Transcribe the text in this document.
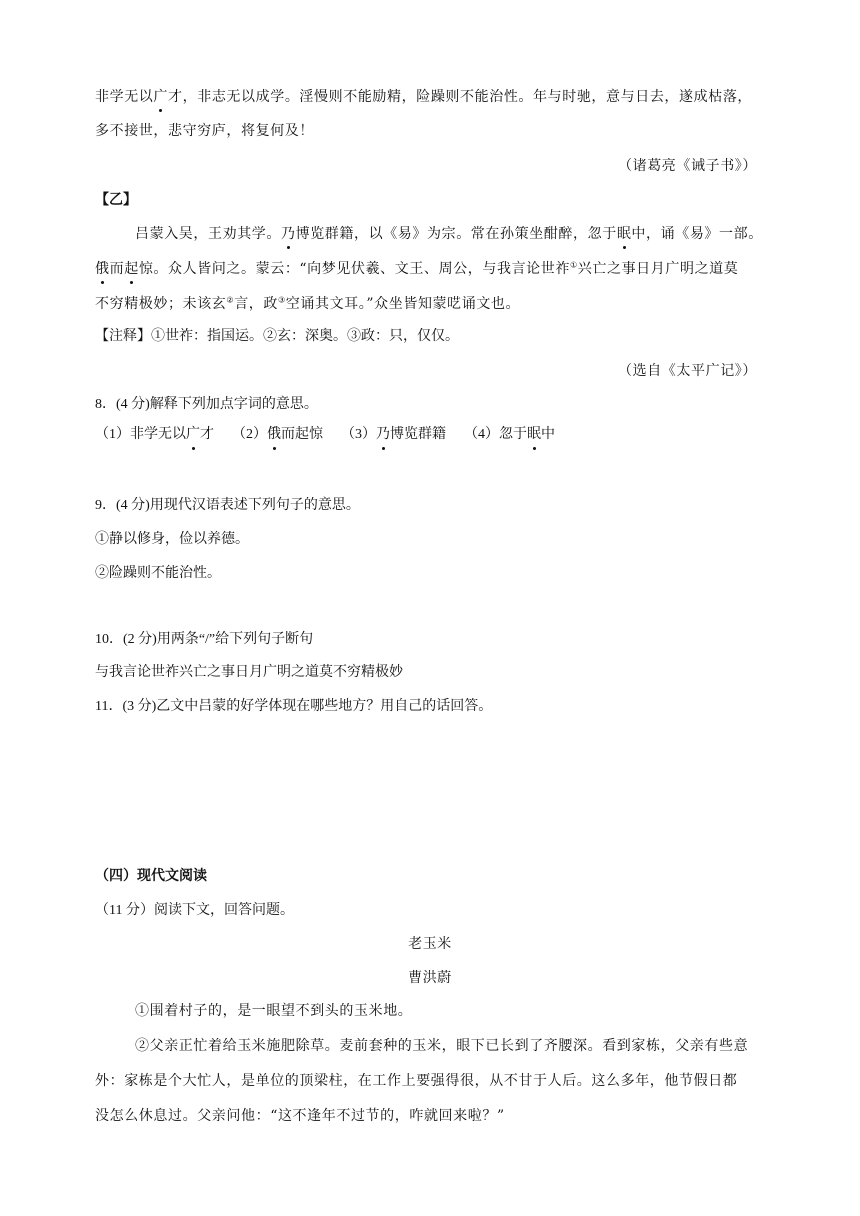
非学无以广才，非志无以成学。淫慢则不能励精，险躁则不能治性。年与时驰，意与日去，遂成枯落，
多不接世，悲守穷庐，将复何及！
（诸葛亮《诫子书》）
【乙】
吕蒙入吴，王劝其学。乃博览群籍，以《易》为宗。常在孙策坐酣醉，忽于眠中，诵《易》一部。
俄而起惊。众人皆问之。蒙云：“向梦见伏羲、文王、周公，与我言论世祚①兴亡之事日月广明之道莫
不穷精极妙；未该玄②言，政③空诵其文耳。”众坐皆知蒙呓诵文也。
【注释】①世祚：指国运。②玄：深奥。③政：只，仅仅。
（选自《太平广记》）
8．(4 分)解释下列加点字词的意思。
（1）非学无以广才 （2）俄而起惊 （3）乃博览群籍 （4）忽于眠中
9．(4 分)用现代汉语表述下列句子的意思。
①静以修身，俭以养德。
②险躁则不能治性。
10．(2 分)用两条“/”给下列句子断句
与我言论世祚兴亡之事日月广明之道莫不穷精极妙
11．(3 分)乙文中吕蒙的好学体现在哪些地方？用自己的话回答。
（四）现代文阅读
（11 分）阅读下文，回答问题。
老玉米
曹洪蔚
①围着村子的，是一眼望不到头的玉米地。
②父亲正忙着给玉米施肥除草。麦前套种的玉米，眼下已长到了齐腰深。看到家栋，父亲有些意
外：家栋是个大忙人，是单位的顶梁柱，在工作上要强得很，从不甘于人后。这么多年，他节假日都
没怎么休息过。父亲问他：“这不逢年不过节的，咋就回来啦？”
